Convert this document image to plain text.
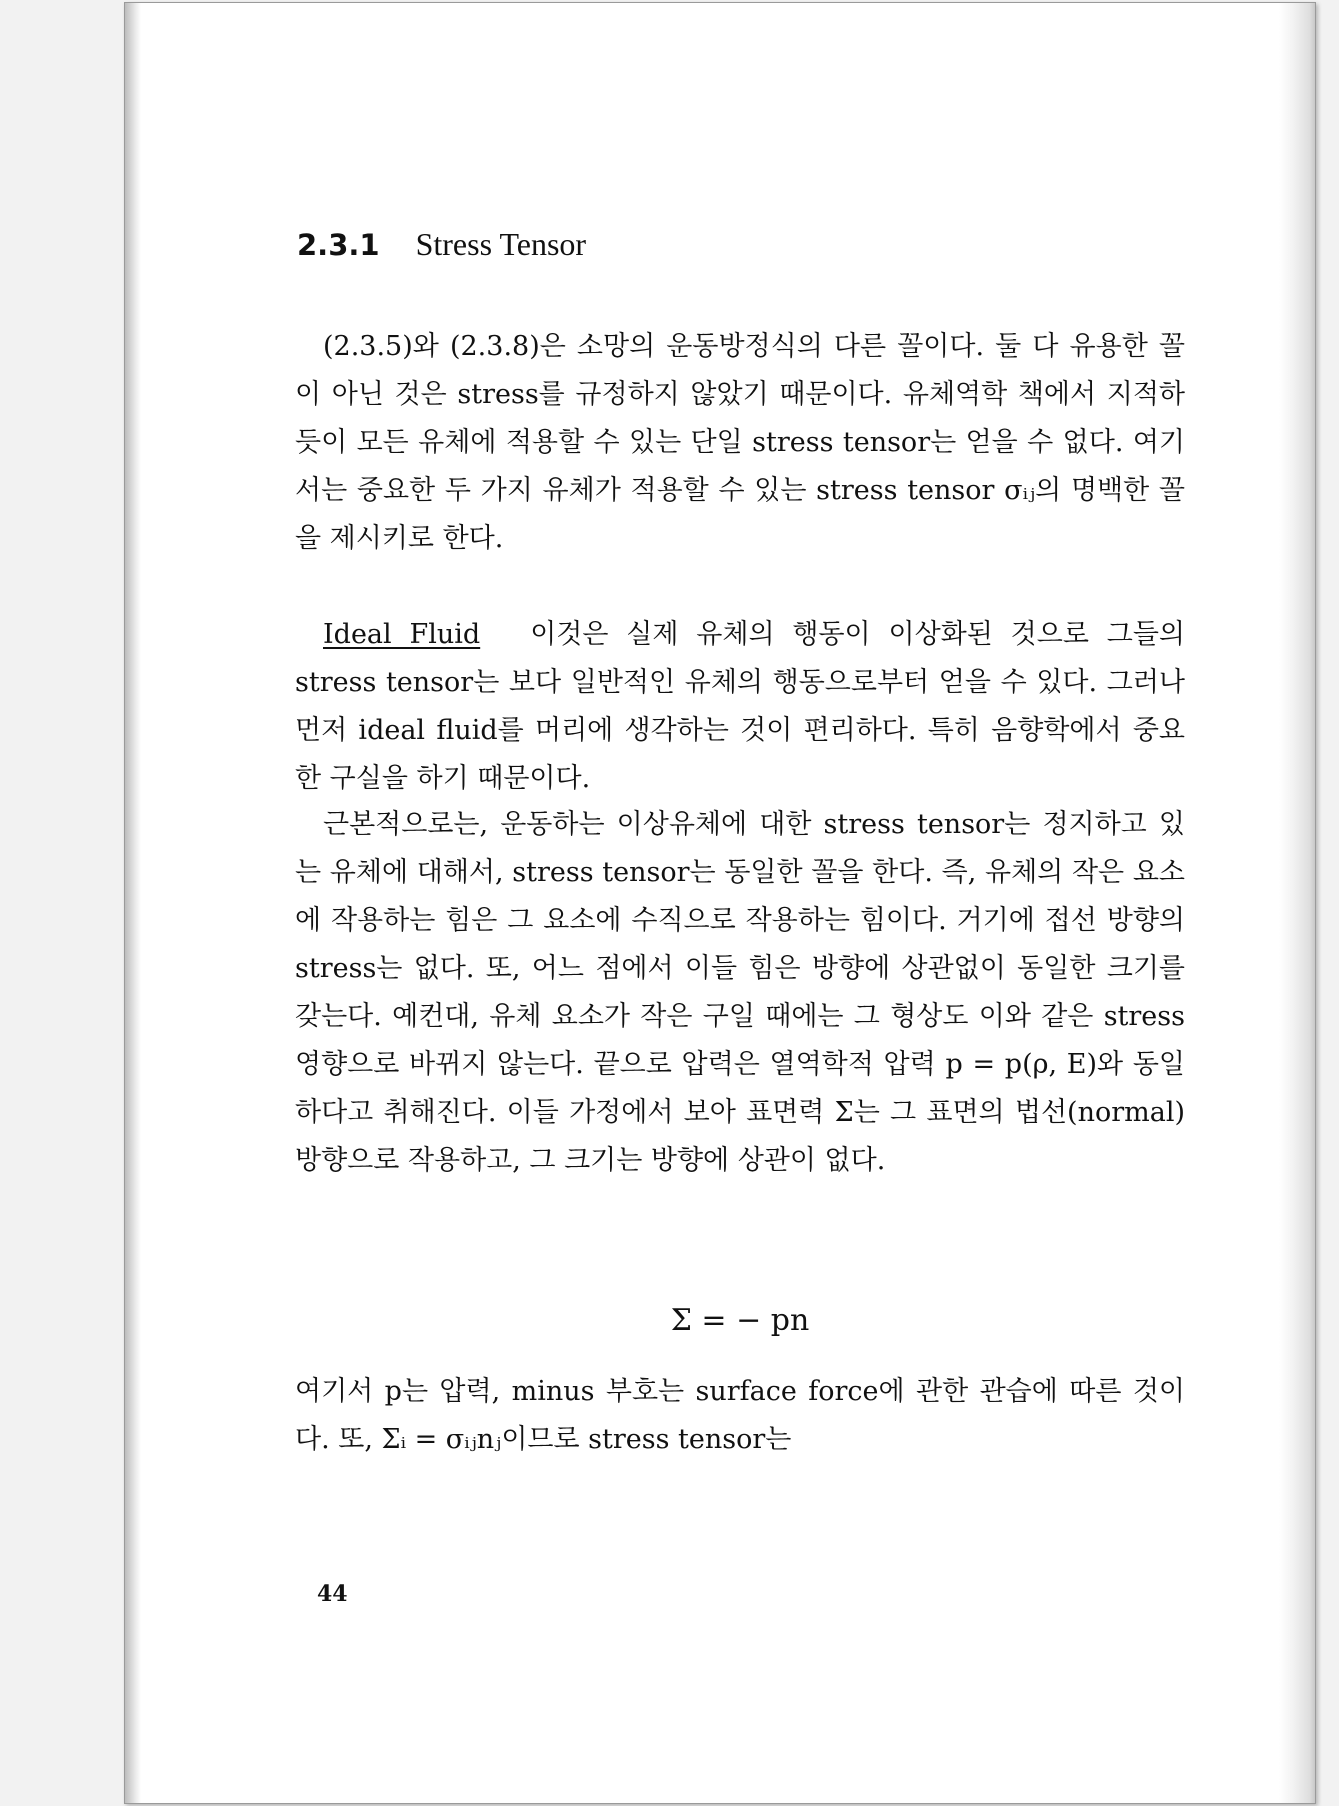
2.3.1 Stress Tensor
(2.3.5)와 (2.3.8)은 소망의 운동방정식의 다른 꼴이다. 둘 다 유용한 꼴이 아닌 것은 stress를 규정하지 않았기 때문이다. 유체역학 책에서 지적하듯이 모든 유체에 적용할 수 있는 단일 stress tensor는 얻을 수 없다. 여기서는 중요한 두 가지 유체가 적용할 수 있는 stress tensor σᵢⱼ의 명백한 꼴을 제시키로 한다.
Ideal Fluid 이것은 실제 유체의 행동이 이상화된 것으로 그들의 stress tensor는 보다 일반적인 유체의 행동으로부터 얻을 수 있다. 그러나 먼저 ideal fluid를 머리에 생각하는 것이 편리하다. 특히 음향학에서 중요한 구실을 하기 때문이다.
근본적으로는, 운동하는 이상유체에 대한 stress tensor는 정지하고 있는 유체에 대해서, stress tensor는 동일한 꼴을 한다. 즉, 유체의 작은 요소에 작용하는 힘은 그 요소에 수직으로 작용하는 힘이다. 거기에 접선 방향의 stress는 없다. 또, 어느 점에서 이들 힘은 방향에 상관없이 동일한 크기를 갖는다. 예컨대, 유체 요소가 작은 구일 때에는 그 형상도 이와 같은 stress 영향으로 바뀌지 않는다. 끝으로 압력은 열역학적 압력 p = p(ρ, E)와 동일하다고 취해진다. 이들 가정에서 보아 표면력 Σ는 그 표면의 법선(normal) 방향으로 작용하고, 그 크기는 방향에 상관이 없다.
Σ = − pn
여기서 p는 압력, minus 부호는 surface force에 관한 관습에 따른 것이다. 또, Σᵢ = σᵢⱼnⱼ이므로 stress tensor는
44
